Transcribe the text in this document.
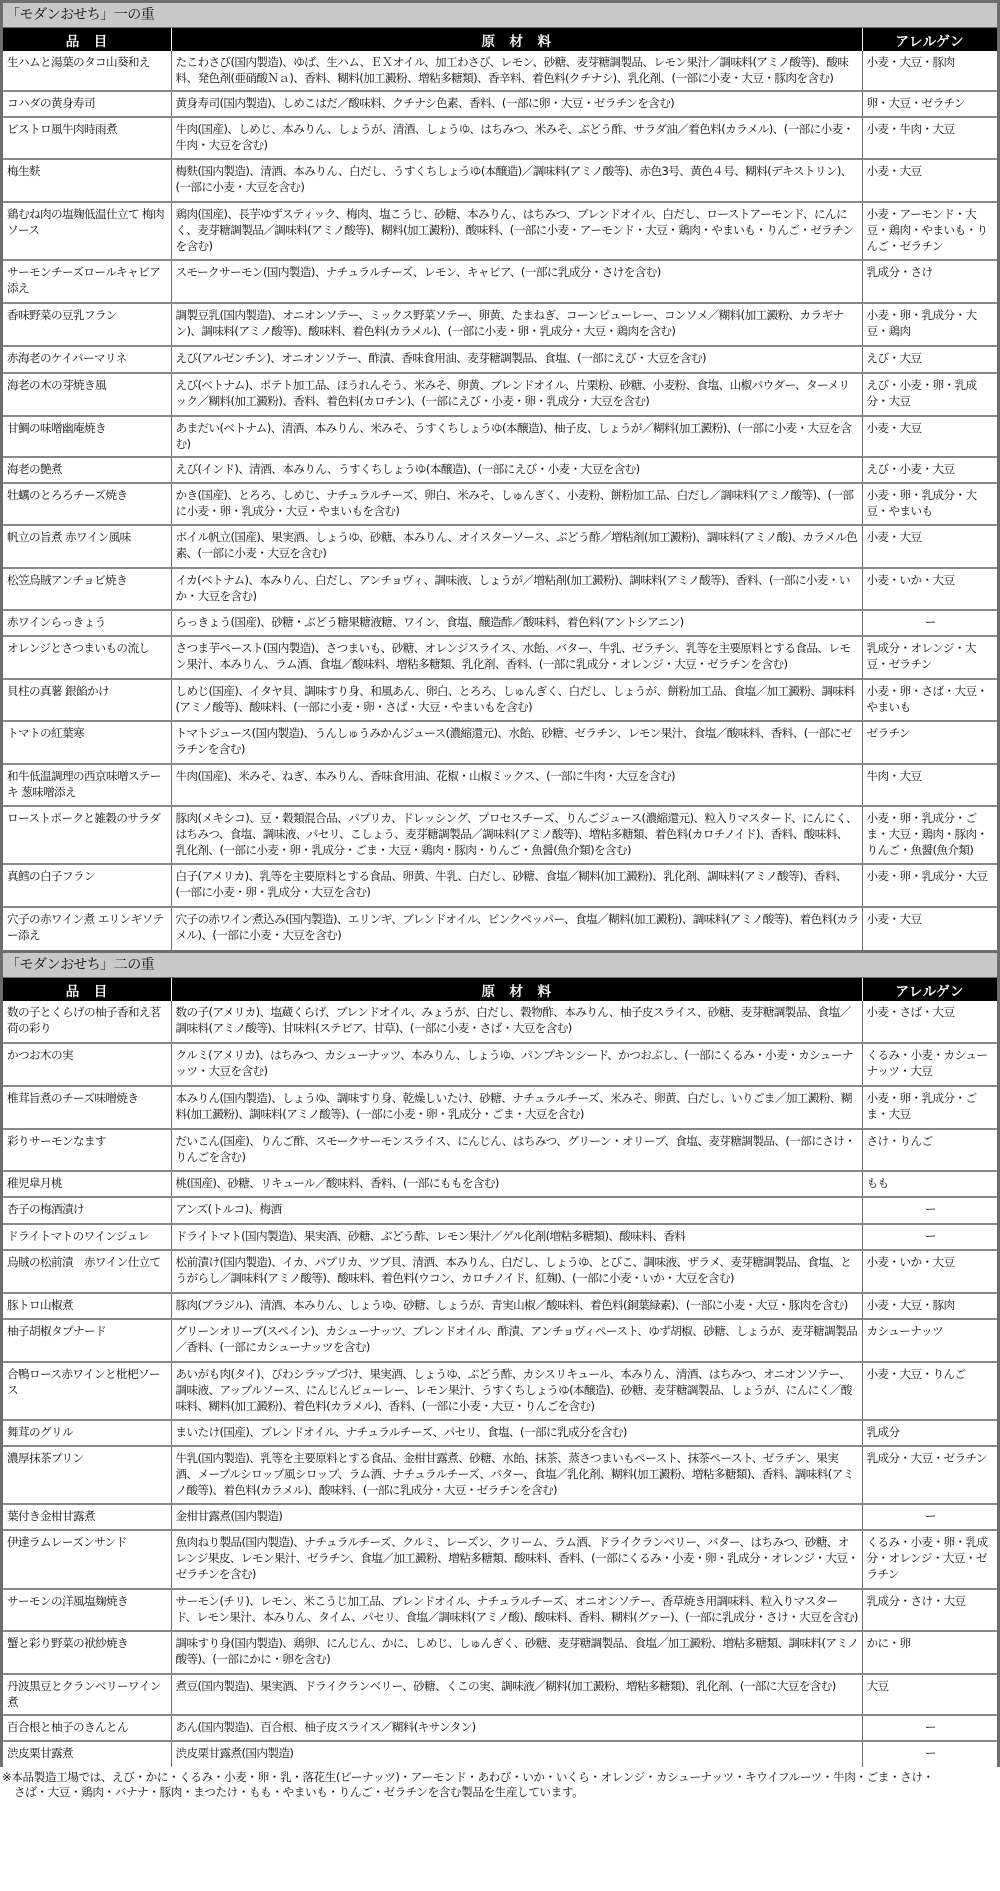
「モダンおせち」一の重
品　目	原　材　料	アレルゲン
生ハムと湯葉のタコ山葵和え	たこわさび(国内製造)、ゆば、生ハム、ＥＸオイル、加工わさび、レモン、砂糖、麦芽糖調製品、レモン果汁／調味料(アミノ酸等)、酸味料、発色剤(亜硝酸Ｎａ)、香料、糊料(加工澱粉、増粘多糖類)、香辛料、着色料(クチナシ)、乳化剤、(一部に小麦・大豆・豚肉を含む)	小麦・大豆・豚肉
コハダの黄身寿司	黄身寿司(国内製造)、しめこはだ／酸味料、クチナシ色素、香料、(一部に卵・大豆・ゼラチンを含む)	卵・大豆・ゼラチン
ビストロ風牛肉時雨煮	牛肉(国産)、しめじ、本みりん、しょうが、清酒、しょうゆ、はちみつ、米みそ、ぶどう酢、サラダ油／着色料(カラメル)、(一部に小麦・牛肉・大豆を含む)	小麦・牛肉・大豆
梅生麩	梅麩(国内製造)、清酒、本みりん、白だし、うすくちしょうゆ(本醸造)／調味料(アミノ酸等)、赤色3号、黄色４号、糊料(デキストリン)、(一部に小麦・大豆を含む)	小麦・大豆
鶏むね肉の塩麹低温仕立て 梅肉ソース	鶏肉(国産)、長芋ゆずスティック、梅肉、塩こうじ、砂糖、本みりん、はちみつ、ブレンドオイル、白だし、ローストアーモンド、にんにく、麦芽糖調製品／調味料(アミノ酸等)、糊料(加工澱粉)、酸味料、(一部に小麦・アーモンド・大豆・鶏肉・やまいも・りんご・ゼラチンを含む)	小麦・アーモンド・大豆・鶏肉・やまいも・りんご・ゼラチン
サーモンチーズロールキャビア添え	スモークサーモン(国内製造)、ナチュラルチーズ、レモン、キャビア、(一部に乳成分・さけを含む)	乳成分・さけ
香味野菜の豆乳フラン	調製豆乳(国内製造)、オニオンソテー、ミックス野菜ソテー、卵黄、たまねぎ、コーンピューレー、コンソメ／糊料(加工澱粉、カラギナン)、調味料(アミノ酸等)、酸味料、着色料(カラメル)、(一部に小麦・卵・乳成分・大豆・鶏肉を含む)	小麦・卵・乳成分・大豆・鶏肉
赤海老のケイパーマリネ	えび(アルゼンチン)、オニオンソテー、酢漬、香味食用油、麦芽糖調製品、食塩、(一部にえび・大豆を含む)	えび・大豆
海老の木の芽焼き風	えび(ベトナム)、ポテト加工品、ほうれんそう、米みそ、卵黄、ブレンドオイル、片栗粉、砂糖、小麦粉、食塩、山椒パウダー、ターメリック／糊料(加工澱粉)、香料、着色料(カロチン)、(一部にえび・小麦・卵・乳成分・大豆を含む)	えび・小麦・卵・乳成分・大豆
甘鯛の味噌幽庵焼き	あまだい(ベトナム)、清酒、本みりん、米みそ、うすくちしょうゆ(本醸造)、柚子皮、しょうが／糊料(加工澱粉)、(一部に小麦・大豆を含む)	小麦・大豆
海老の艶煮	えび(インド)、清酒、本みりん、うすくちしょうゆ(本醸造)、(一部にえび・小麦・大豆を含む)	えび・小麦・大豆
牡蠣のとろろチーズ焼き	かき(国産)、とろろ、しめじ、ナチュラルチーズ、卵白、米みそ、しゅんぎく、小麦粉、餅粉加工品、白だし／調味料(アミノ酸等)、(一部に小麦・卵・乳成分・大豆・やまいもを含む)	小麦・卵・乳成分・大豆・やまいも
帆立の旨煮 赤ワイン風味	ボイル帆立(国産)、果実酒、しょうゆ、砂糖、本みりん、オイスターソース、ぶどう酢／増粘剤(加工澱粉)、調味料(アミノ酸)、カラメル色素、(一部に小麦・大豆を含む)	小麦・大豆
松笠烏賊アンチョビ焼き	イカ(ベトナム)、本みりん、白だし、アンチョヴィ、調味液、しょうが／増粘剤(加工澱粉)、調味料(アミノ酸等)、香料、(一部に小麦・いか・大豆を含む)	小麦・いか・大豆
赤ワインらっきょう	らっきょう(国産)、砂糖・ぶどう糖果糖液糖、ワイン、食塩、醸造酢／酸味料、着色料(アントシアニン)	ー
オレンジとさつまいもの流し	さつま芋ペースト(国内製造)、さつまいも、砂糖、オレンジスライス、水飴、バター、牛乳、ゼラチン、乳等を主要原料とする食品、レモン果汁、本みりん、ラム酒、食塩／酸味料、増粘多糖類、乳化剤、香料、(一部に乳成分・オレンジ・大豆・ゼラチンを含む)	乳成分・オレンジ・大豆・ゼラチン
貝柱の真薯 銀餡かけ	しめじ(国産)、イタヤ貝、調味すり身、和風あん、卵白、とろろ、しゅんぎく、白だし、しょうが、餅粉加工品、食塩／加工澱粉、調味料(アミノ酸等)、酸味料、(一部に小麦・卵・さば・大豆・やまいもを含む)	小麦・卵・さば・大豆・やまいも
トマトの紅葉寒	トマトジュース(国内製造)、うんしゅうみかんジュース(濃縮還元)、水飴、砂糖、ゼラチン、レモン果汁、食塩／酸味料、香料、(一部にゼラチンを含む)	ゼラチン
和牛低温調理の西京味噌ステーキ 葱味噌添え	牛肉(国産)、米みそ、ねぎ、本みりん、香味食用油、花椒・山椒ミックス、(一部に牛肉・大豆を含む)	牛肉・大豆
ローストポークと雑穀のサラダ	豚肉(メキシコ)、豆・穀類混合品、パプリカ、ドレッシング、プロセスチーズ、りんごジュース(濃縮還元)、粒入りマスタード、にんにく、はちみつ、食塩、調味液、パセリ、こしょう、麦芽糖調製品／調味料(アミノ酸等)、増粘多糖類、着色料(カロチノイド)、香料、酸味料、乳化剤、(一部に小麦・卵・乳成分・ごま・大豆・鶏肉・豚肉・りんご・魚醤(魚介類)を含む)	小麦・卵・乳成分・ごま・大豆・鶏肉・豚肉・りんご・魚醤(魚介類)
真鱈の白子フラン	白子(アメリカ)、乳等を主要原料とする食品、卵黄、牛乳、白だし、砂糖、食塩／糊料(加工澱粉)、乳化剤、調味料(アミノ酸等)、香料、(一部に小麦・卵・乳成分・大豆を含む)	小麦・卵・乳成分・大豆
穴子の赤ワイン煮 エリンギソテー添え	穴子の赤ワイン煮込み(国内製造)、エリンギ、ブレンドオイル、ピンクペッパー、食塩／糊料(加工澱粉)、調味料(アミノ酸等)、着色料(カラメル)、(一部に小麦・大豆を含む)	小麦・大豆
「モダンおせち」二の重
品　目	原　材　料	アレルゲン
数の子とくらげの柚子香和え茗荷の彩り	数の子(アメリカ)、塩蔵くらげ、ブレンドオイル、みょうが、白だし、穀物酢、本みりん、柚子皮スライス、砂糖、麦芽糖調製品、食塩／調味料(アミノ酸等)、甘味料(ステビア、甘草)、(一部に小麦・さば・大豆を含む)	小麦・さば・大豆
かつお木の実	クルミ(アメリカ)、はちみつ、カシューナッツ、本みりん、しょうゆ、パンプキンシード、かつおぶし、(一部にくるみ・小麦・カシューナッツ・大豆を含む)	くるみ・小麦・カシューナッツ・大豆
椎茸旨煮のチーズ味噌焼き	本みりん(国内製造)、しょうゆ、調味すり身、乾燥しいたけ、砂糖、ナチュラルチーズ、米みそ、卵黄、白だし、いりごま／加工澱粉、糊料(加工澱粉)、調味料(アミノ酸等)、(一部に小麦・卵・乳成分・ごま・大豆を含む)	小麦・卵・乳成分・ごま・大豆
彩りサーモンなます	だいこん(国産)、りんご酢、スモークサーモンスライス、にんじん、はちみつ、グリーン・オリーブ、食塩、麦芽糖調製品、(一部にさけ・りんごを含む)	さけ・りんご
稚児皐月桃	桃(国産)、砂糖、リキュール／酸味料、香料、(一部にももを含む)	もも
杏子の梅酒漬け	アンズ(トルコ)、梅酒	ー
ドライトマトのワインジュレ	ドライトマト(国内製造)、果実酒、砂糖、ぶどう酢、レモン果汁／ゲル化剤(増粘多糖類)、酸味料、香料	ー
烏賊の松前漬　赤ワイン仕立て	松前漬け(国内製造)、イカ、パプリカ、ツブ貝、清酒、本みりん、白だし、しょうゆ、とびこ、調味液、ザラメ、麦芽糖調製品、食塩、とうがらし／調味料(アミノ酸等)、酸味料、着色料(ウコン、カロチノイド、紅麹)、(一部に小麦・いか・大豆を含む)	小麦・いか・大豆
豚トロ山椒煮	豚肉(ブラジル)、清酒、本みりん、しょうゆ、砂糖、しょうが、青実山椒／酸味料、着色料(銅葉緑素)、(一部に小麦・大豆・豚肉を含む)	小麦・大豆・豚肉
柚子胡椒タプナード	グリーンオリーブ(スペイン)、カシューナッツ、ブレンドオイル、酢漬、アンチョヴィペースト、ゆず胡椒、砂糖、しょうが、麦芽糖調製品／香料、(一部にカシューナッツを含む)	カシューナッツ
合鴨ロース赤ワインと枇杷ソース	あいがも肉(タイ)、びわシラップづけ、果実酒、しょうゆ、ぶどう酢、カシスリキュール、本みりん、清酒、はちみつ、オニオンソテー、調味液、アップルソース、にんじんピューレー、レモン果汁、うすくちしょうゆ(本醸造)、砂糖、麦芽糖調製品、しょうが、にんにく／酸味料、糊料(加工澱粉)、着色料(カラメル)、香料、(一部に小麦・大豆・りんごを含む)	小麦・大豆・りんご
舞茸のグリル	まいたけ(国産)、ブレンドオイル、ナチュラルチーズ、パセリ、食塩、(一部に乳成分を含む)	乳成分
濃厚抹茶プリン	牛乳(国内製造)、乳等を主要原料とする食品、金柑甘露煮、砂糖、水飴、抹茶、蒸さつまいもペースト、抹茶ペースト、ゼラチン、果実酒、メープルシロップ風シロップ、ラム酒、ナチュラルチーズ、バター、食塩／乳化剤、糊料(加工澱粉、増粘多糖類)、香料、調味料(アミノ酸等)、着色料(カラメル)、酸味料、(一部に乳成分・大豆・ゼラチンを含む)	乳成分・大豆・ゼラチン
葉付き金柑甘露煮	金柑甘露煮(国内製造)	ー
伊達ラムレーズンサンド	魚肉ねり製品(国内製造)、ナチュラルチーズ、クルミ、レーズン、クリーム、ラム酒、ドライクランベリー、バター、はちみつ、砂糖、オレンジ果皮、レモン果汁、ゼラチン、食塩／加工澱粉、増粘多糖類、酸味料、香料、(一部にくるみ・小麦・卵・乳成分・オレンジ・大豆・ゼラチンを含む)	くるみ・小麦・卵・乳成分・オレンジ・大豆・ゼラチン
サーモンの洋風塩麹焼き	サーモン(チリ)、レモン、米こうじ加工品、ブレンドオイル、ナチュラルチーズ、オニオンソテー、香草焼き用調味料、粒入りマスタード、レモン果汁、本みりん、タイム、パセリ、食塩／調味料(アミノ酸)、酸味料、香料、糊料(グァー)、(一部に乳成分・さけ・大豆を含む)	乳成分・さけ・大豆
蟹と彩り野菜の袱紗焼き	調味すり身(国内製造)、鶏卵、にんじん、かに、しめじ、しゅんぎく、砂糖、麦芽糖調製品、食塩／加工澱粉、増粘多糖類、調味料(アミノ酸等)、(一部にかに・卵を含む)	かに・卵
丹波黒豆とクランベリーワイン煮	煮豆(国内製造)、果実酒、ドライクランベリー、砂糖、くこの実、調味液／糊料(加工澱粉、増粘多糖類)、乳化剤、(一部に大豆を含む)	大豆
百合根と柚子のきんとん	あん(国内製造)、百合根、柚子皮スライス／糊料(キサンタン)	ー
渋皮栗甘露煮	渋皮栗甘露煮(国内製造)	ー
※本品製造工場では、えび・かに・くるみ・小麦・卵・乳・落花生(ピーナッツ)・アーモンド・あわび・いか・いくら・オレンジ・カシューナッツ・キウイフルーツ・牛肉・ごま・さけ・
さば・大豆・鶏肉・バナナ・豚肉・まつたけ・もも・やまいも・りんご・ゼラチンを含む製品を生産しています。
